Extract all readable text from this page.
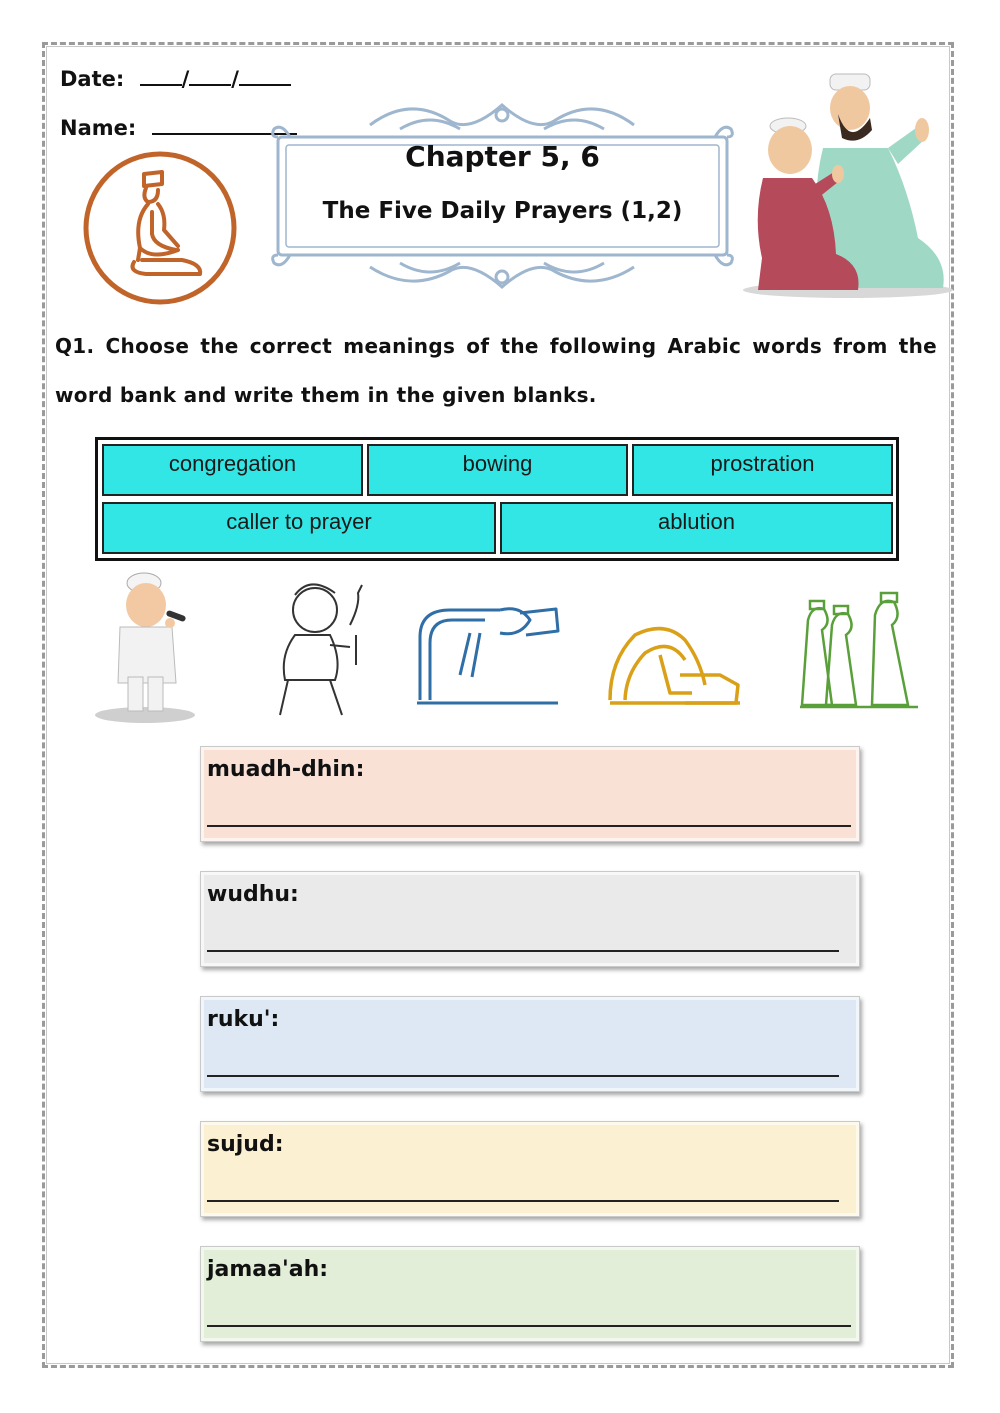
Date:	/ /
Name:
Chapter 5, 6
The Five Daily Prayers (1,2)
Q1. Choose the correct meanings of the following Arabic words from the word bank and write them in the given blanks.
congregation	bowing	prostration
caller to prayer	ablution
muadh-dhin:
wudhu:
ruku':
sujud:
jamaa'ah:
